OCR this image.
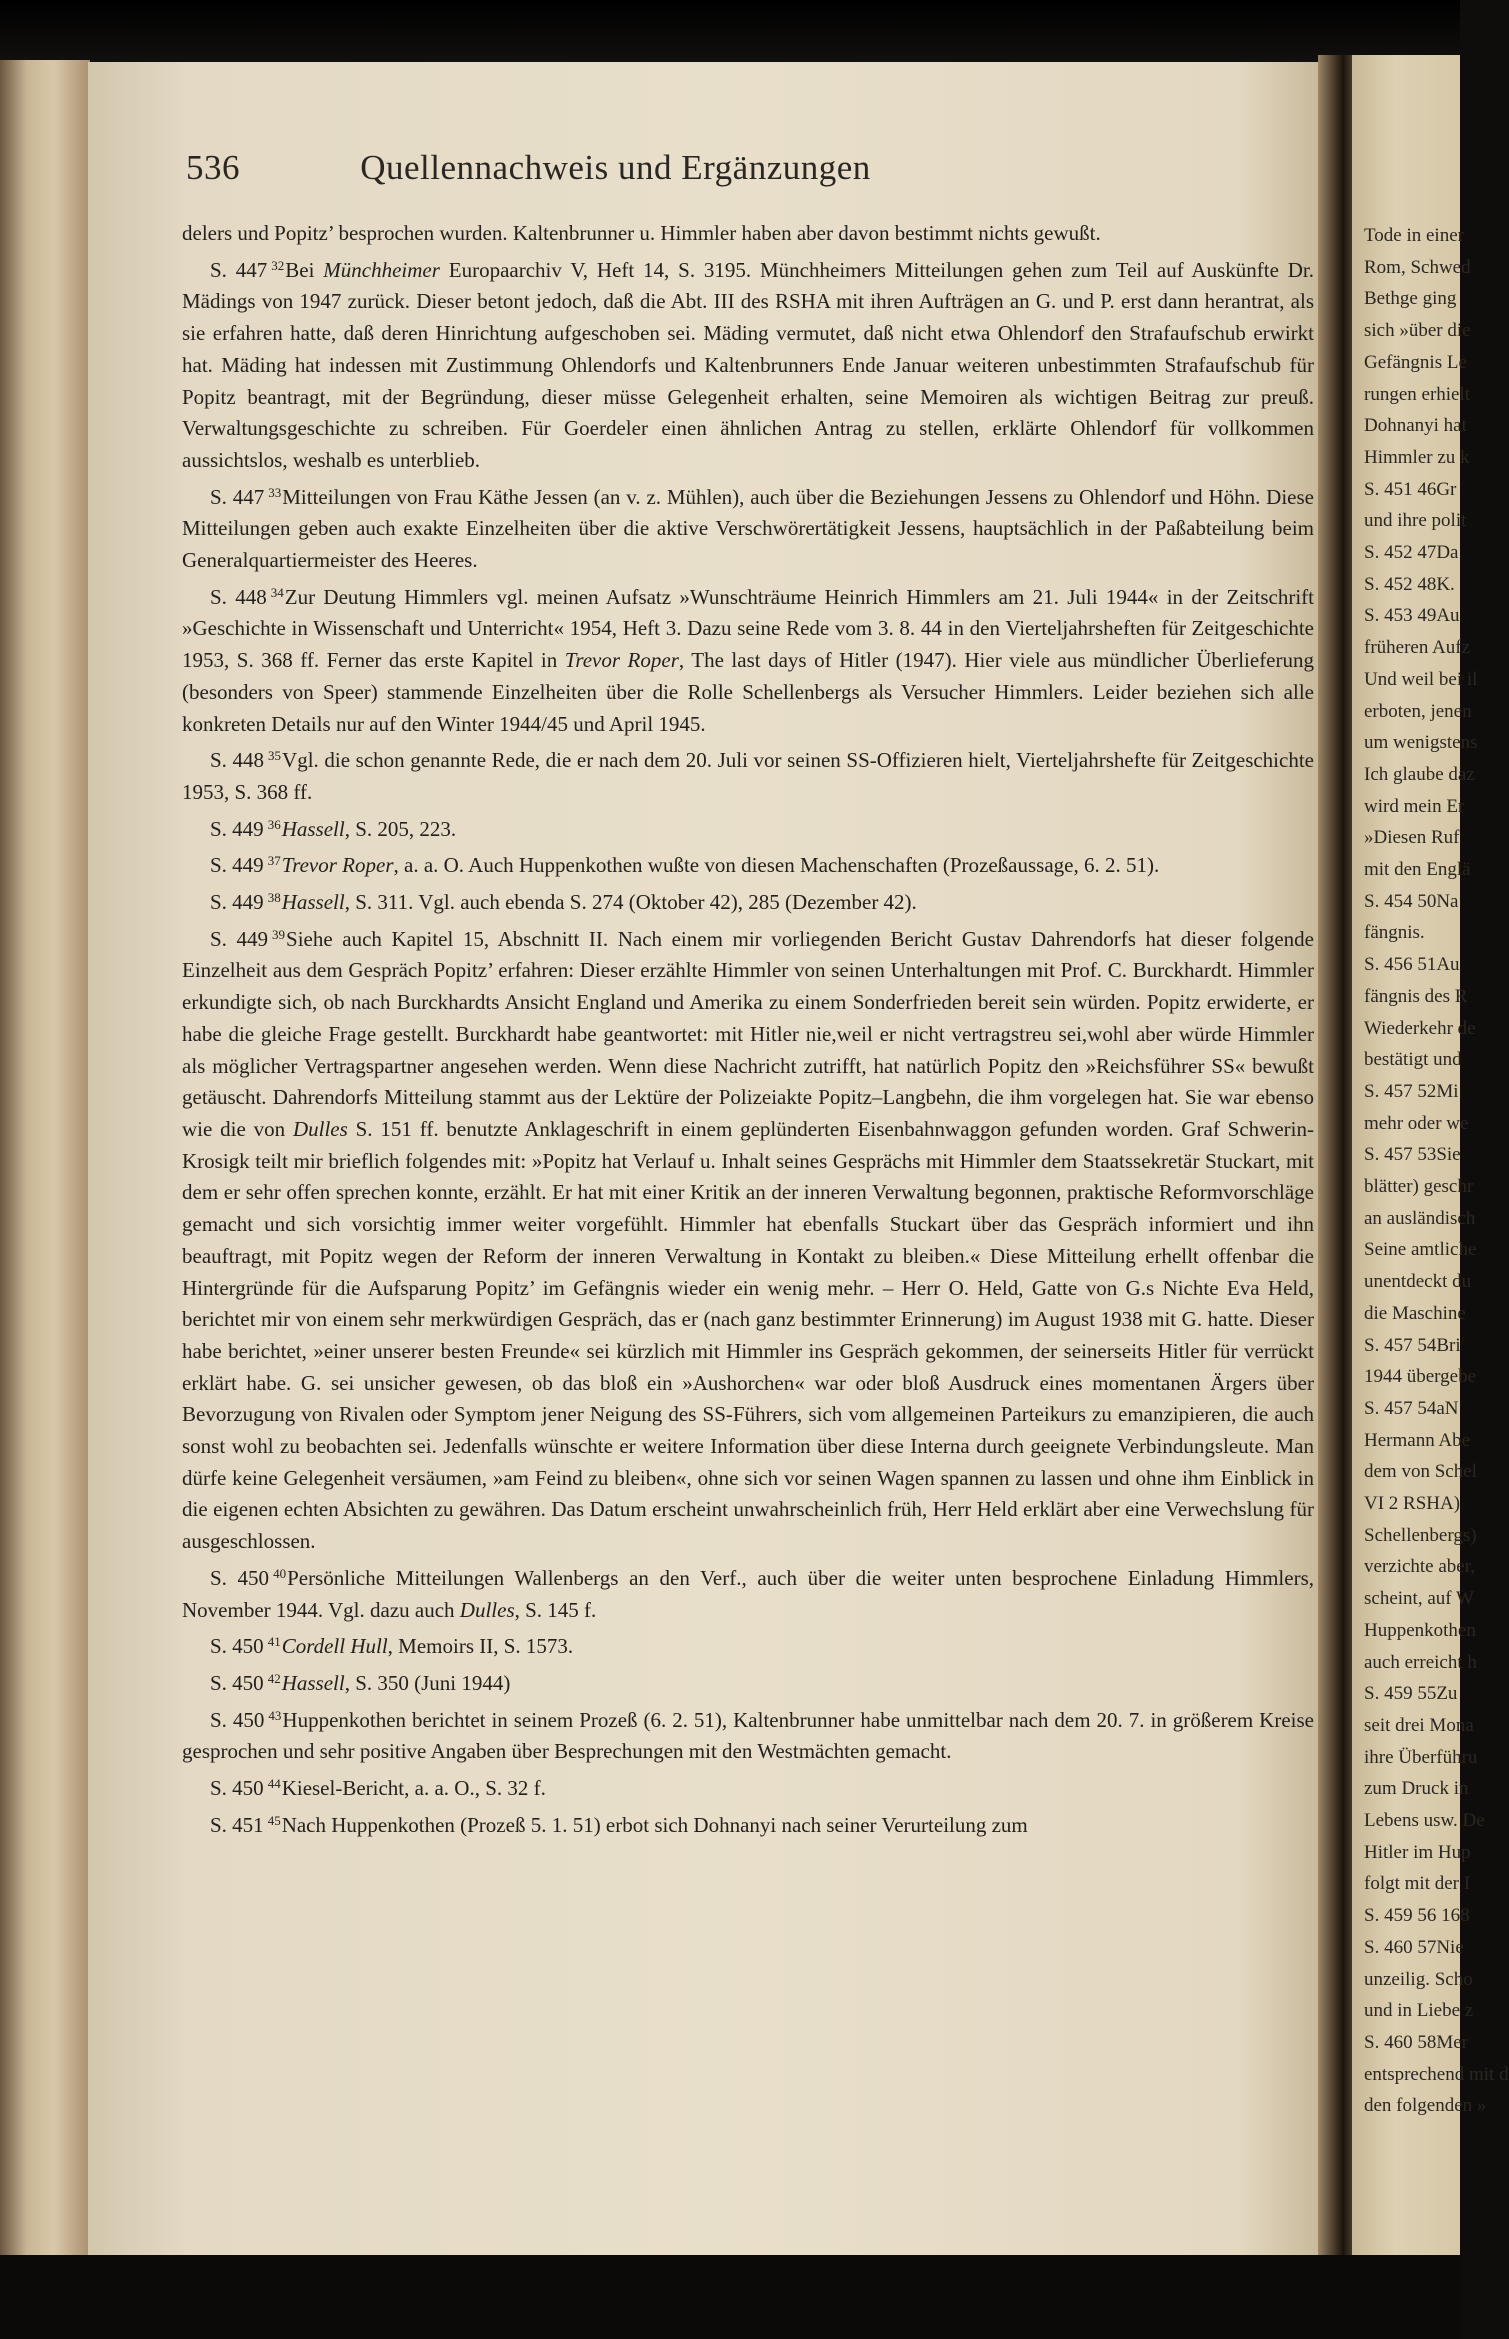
Tode in einer
Rom, Schwed
Bethge ging
sich »über die
Gefängnis Le
rungen erhielt
Dohnanyi hat
Himmler zu k
S. 451 46Gr
und ihre polit
S. 452 47Da
S. 452 48K.
S. 453 49Au
früheren Aufz
Und weil bei il
erboten, jenen
um wenigstens
Ich glaube daz
wird mein Er
»Diesen Ruf
mit den Englä
S. 454 50Na
fängnis.
S. 456 51Au
fängnis des R
Wiederkehr de
bestätigt und
S. 457 52Mi
mehr oder we
S. 457 53Sie
blätter) geschr
an ausländisch
Seine amtliche
unentdeckt du
die Maschine
S. 457 54Bri
1944 übergebe
S. 457 54aN
Hermann Abe
dem von Schel
VI 2 RSHA)
Schellenbergs)
verzichte aber,
scheint, auf W
Huppenkothen
auch erreicht h
S. 459 55Zu
seit drei Mona
ihre Überführu
zum Druck in
Lebens usw. De
Hitler im Hup
folgt mit der I
S. 459 56 168
S. 460 57Nie
unzeilig. Scho
und in Liebe z
S. 460 58Mer
entsprechend mit d
den folgenden »
536	Quellennachweis und Ergänzungen

delers und Popitz’ besprochen wurden. Kaltenbrunner u. Himmler haben aber davon bestimmt nichts gewußt.

S. 447 $^{32}$Bei Münchheimer Europaarchiv V, Heft 14, S. 3195. Münchheimers Mitteilungen gehen zum Teil auf Auskünfte Dr. Mädings von 1947 zurück. Dieser betont jedoch, daß die Abt. III des RSHA mit ihren Aufträgen an G. und P. erst dann herantrat, als sie erfahren hatte, daß deren Hinrichtung aufgeschoben sei. Mäding vermutet, daß nicht etwa Ohlendorf den Strafaufschub erwirkt hat. Mäding hat indessen mit Zustimmung Ohlendorfs und Kaltenbrunners Ende Januar weiteren unbestimmten Strafaufschub für Popitz beantragt, mit der Begründung, dieser müsse Gelegenheit erhalten, seine Memoiren als wichtigen Beitrag zur preuß. Verwaltungsgeschichte zu schreiben. Für Goerdeler einen ähnlichen Antrag zu stellen, erklärte Ohlendorf für vollkommen aussichtslos, weshalb es unterblieb.

S. 447 $^{33}$Mitteilungen von Frau Käthe Jessen (an v. z. Mühlen), auch über die Beziehungen Jessens zu Ohlendorf und Höhn. Diese Mitteilungen geben auch exakte Einzelheiten über die aktive Verschwörertätigkeit Jessens, hauptsächlich in der Paßabteilung beim Generalquartiermeister des Heeres.

S. 448 $^{34}$Zur Deutung Himmlers vgl. meinen Aufsatz »Wunschträume Heinrich Himmlers am 21. Juli 1944« in der Zeitschrift »Geschichte in Wissenschaft und Unterricht« 1954, Heft 3. Dazu seine Rede vom 3. 8. 44 in den Vierteljahrsheften für Zeitgeschichte 1953, S. 368 ff. Ferner das erste Kapitel in Trevor Roper, The last days of Hitler (1947). Hier viele aus mündlicher Überlieferung (besonders von Speer) stammende Einzelheiten über die Rolle Schellenbergs als Versucher Himmlers. Leider beziehen sich alle konkreten Details nur auf den Winter 1944/45 und April 1945.

S. 448 $^{35}$Vgl. die schon genannte Rede, die er nach dem 20. Juli vor seinen SS-Offizieren hielt, Vierteljahrshefte für Zeitgeschichte 1953, S. 368 ff.

S. 449 $^{36}$Hassell, S. 205, 223.

S. 449 $^{37}$Trevor Roper, a. a. O. Auch Huppenkothen wußte von diesen Machenschaften (Prozeßaussage, 6. 2. 51).

S. 449 $^{38}$Hassell, S. 311. Vgl. auch ebenda S. 274 (Oktober 42), 285 (Dezember 42).

S. 449 $^{39}$Siehe auch Kapitel 15, Abschnitt II. Nach einem mir vorliegenden Bericht Gustav Dahrendorfs hat dieser folgende Einzelheit aus dem Gespräch Popitz’ erfahren: Dieser erzählte Himmler von seinen Unterhaltungen mit Prof. C. Burckhardt. Himmler erkundigte sich, ob nach Burckhardts Ansicht England und Amerika zu einem Sonderfrieden bereit sein würden. Popitz erwiderte, er habe die gleiche Frage gestellt. Burckhardt habe geantwortet: mit Hitler nie,weil er nicht vertragstreu sei,wohl aber würde Himmler als möglicher Vertragspartner angesehen werden. Wenn diese Nachricht zutrifft, hat natürlich Popitz den »Reichsführer SS« bewußt getäuscht. Dahrendorfs Mitteilung stammt aus der Lektüre der Polizeiakte Popitz–Langbehn, die ihm vorgelegen hat. Sie war ebenso wie die von Dulles S. 151 ff. benutzte Anklageschrift in einem geplünderten Eisenbahnwaggon gefunden worden. Graf Schwerin-Krosigk teilt mir brieflich folgendes mit: »Popitz hat Verlauf u. Inhalt seines Gesprächs mit Himmler dem Staatssekretär Stuckart, mit dem er sehr offen sprechen konnte, erzählt. Er hat mit einer Kritik an der inneren Verwaltung begonnen, praktische Reformvorschläge gemacht und sich vorsichtig immer weiter vorgefühlt. Himmler hat ebenfalls Stuckart über das Gespräch informiert und ihn beauftragt, mit Popitz wegen der Reform der inneren Verwaltung in Kontakt zu bleiben.« Diese Mitteilung erhellt offenbar die Hintergründe für die Aufsparung Popitz’ im Gefängnis wieder ein wenig mehr. – Herr O. Held, Gatte von G.s Nichte Eva Held, berichtet mir von einem sehr merkwürdigen Gespräch, das er (nach ganz bestimmter Erinnerung) im August 1938 mit G. hatte. Dieser habe berichtet, »einer unserer besten Freunde« sei kürzlich mit Himmler ins Gespräch gekommen, der seinerseits Hitler für verrückt erklärt habe. G. sei unsicher gewesen, ob das bloß ein »Aushorchen« war oder bloß Ausdruck eines momentanen Ärgers über Bevorzugung von Rivalen oder Symptom jener Neigung des SS-Führers, sich vom allgemeinen Parteikurs zu emanzipieren, die auch sonst wohl zu beobachten sei. Jedenfalls wünschte er weitere Information über diese Interna durch geeignete Verbindungsleute. Man dürfe keine Gelegenheit versäumen, »am Feind zu bleiben«, ohne sich vor seinen Wagen spannen zu lassen und ohne ihm Einblick in die eigenen echten Absichten zu gewähren. Das Datum erscheint unwahrscheinlich früh, Herr Held erklärt aber eine Verwechslung für ausgeschlossen.

S. 450 $^{40}$Persönliche Mitteilungen Wallenbergs an den Verf., auch über die weiter unten besprochene Einladung Himmlers, November 1944. Vgl. dazu auch Dulles, S. 145 f.

S. 450 $^{41}$Cordell Hull, Memoirs II, S. 1573.

S. 450 $^{42}$Hassell, S. 350 (Juni 1944)

S. 450 $^{43}$Huppenkothen berichtet in seinem Prozeß (6. 2. 51), Kaltenbrunner habe unmittelbar nach dem 20. 7. in größerem Kreise gesprochen und sehr positive Angaben über Besprechungen mit den Westmächten gemacht.

S. 450 $^{44}$Kiesel-Bericht, a. a. O., S. 32 f.

S. 451 $^{45}$Nach Huppenkothen (Prozeß 5. 1. 51) erbot sich Dohnanyi nach seiner Verurteilung zum
